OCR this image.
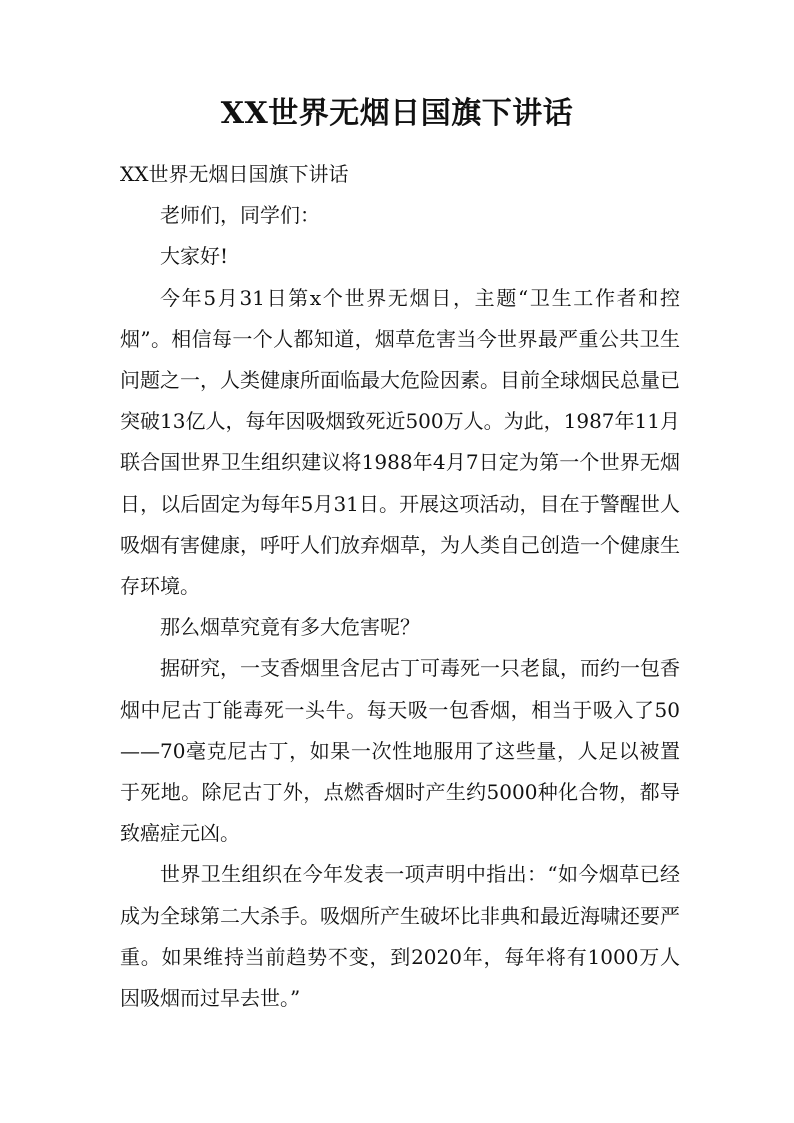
XX世界无烟日国旗下讲话

XX世界无烟日国旗下讲话

老师们，同学们：

大家好!

今年5月31日第x个世界无烟日，主题“卫生工作者和控烟”。相信每一个人都知道，烟草危害当今世界最严重公共卫生问题之一，人类健康所面临最大危险因素。目前全球烟民总量已突破13亿人，每年因吸烟致死近500万人。为此，1987年11月联合国世界卫生组织建议将1988年4月7日定为第一个世界无烟日，以后固定为每年5月31日。开展这项活动，目在于警醒世人吸烟有害健康，呼吁人们放弃烟草，为人类自己创造一个健康生存环境。

那么烟草究竟有多大危害呢？

据研究，一支香烟里含尼古丁可毒死一只老鼠，而约一包香烟中尼古丁能毒死一头牛。每天吸一包香烟，相当于吸入了50——70毫克尼古丁，如果一次性地服用了这些量，人足以被置于死地。除尼古丁外，点燃香烟时产生约5000种化合物，都导致癌症元凶。

世界卫生组织在今年发表一项声明中指出：“如今烟草已经成为全球第二大杀手。吸烟所产生破坏比非典和最近海啸还要严重。如果维持当前趋势不变，到2020年，每年将有1000万人因吸烟而过早去世。”
